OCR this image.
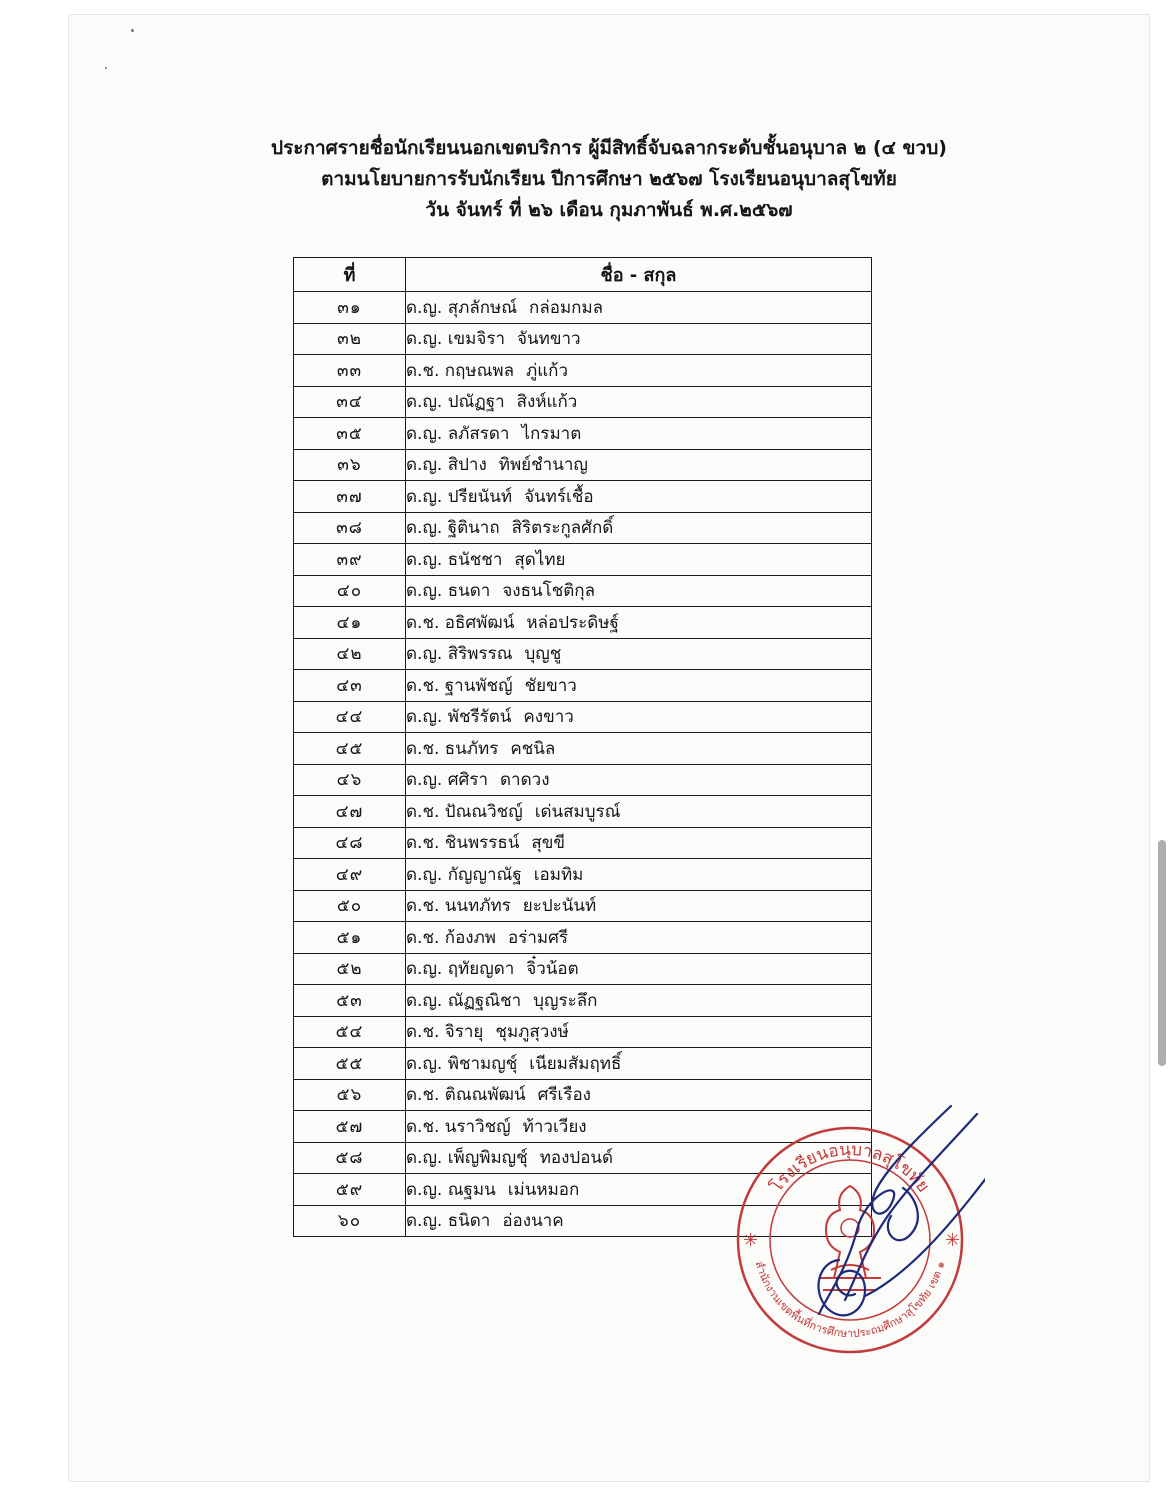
ประกาศรายชื่อนักเรียนนอกเขตบริการ ผู้มีสิทธิ์จับฉลากระดับชั้นอนุบาล ๒ (๔ ขวบ)
ตามนโยบายการรับนักเรียน ปีการศึกษา ๒๕๖๗ โรงเรียนอนุบาลสุโขทัย
วัน จันทร์ ที่ ๒๖ เดือน กุมภาพันธ์ พ.ศ.๒๕๖๗
ที่	ชื่อ - สกุล
๓๑	ด.ญ. สุภลักษณ์ กล่อมกมล
๓๒	ด.ญ. เขมจิรา จันทขาว
๓๓	ด.ช. กฤษณพล ภู่แก้ว
๓๔	ด.ญ. ปณัฏฐา สิงห์แก้ว
๓๕	ด.ญ. ลภัสรดา ไกรมาต
๓๖	ด.ญ. สิปาง ทิพย์ชำนาญ
๓๗	ด.ญ. ปรียนันท์ จันทร์เชื้อ
๓๘	ด.ญ. ฐิตินาถ สิริตระกูลศักดิ์
๓๙	ด.ญ. ธนัชชา สุดไทย
๔๐	ด.ญ. ธนดา จงธนโชติกุล
๔๑	ด.ช. อธิศพัฒน์ หล่อประดิษฐ์
๔๒	ด.ญ. สิริพรรณ บุญชู
๔๓	ด.ช. ฐานพัชญ์ ชัยขาว
๔๔	ด.ญ. พัชรีรัตน์ คงขาว
๔๕	ด.ช. ธนภัทร คชนิล
๔๖	ด.ญ. ศศิรา ดาดวง
๔๗	ด.ช. ปัณณวิชญ์ เด่นสมบูรณ์
๔๘	ด.ช. ชินพรรธน์ สุขขี
๔๙	ด.ญ. กัญญาณัฐ เอมทิม
๕๐	ด.ช. นนทภัทร ยะปะนันท์
๕๑	ด.ช. ก้องภพ อร่ามศรี
๕๒	ด.ญ. ฤทัยญดา จิ๋วน้อต
๕๓	ด.ญ. ณัฏฐณิชา บุญระลึก
๕๔	ด.ช. จิรายุ ชุมภูสุวงษ์
๕๕	ด.ญ. พิชามญชุ์ เนียมสัมฤทธิ์
๕๖	ด.ช. ติณณพัฒน์ ศรีเรือง
๕๗	ด.ช. นราวิชญ์ ท้าวเวียง
๕๘	ด.ญ. เพ็ญพิมญชุ์ ทองปอนด์
๕๙	ด.ญ. ณฐมน เม่นหมอก
๖๐	ด.ญ. ธนิดา อ่องนาค
โรงเรียนอนุบาลสุโขทัย
สำนักงานเขตพื้นที่การศึกษาประถมศึกษาสุโขทัย เขต ๑
✳	✳
